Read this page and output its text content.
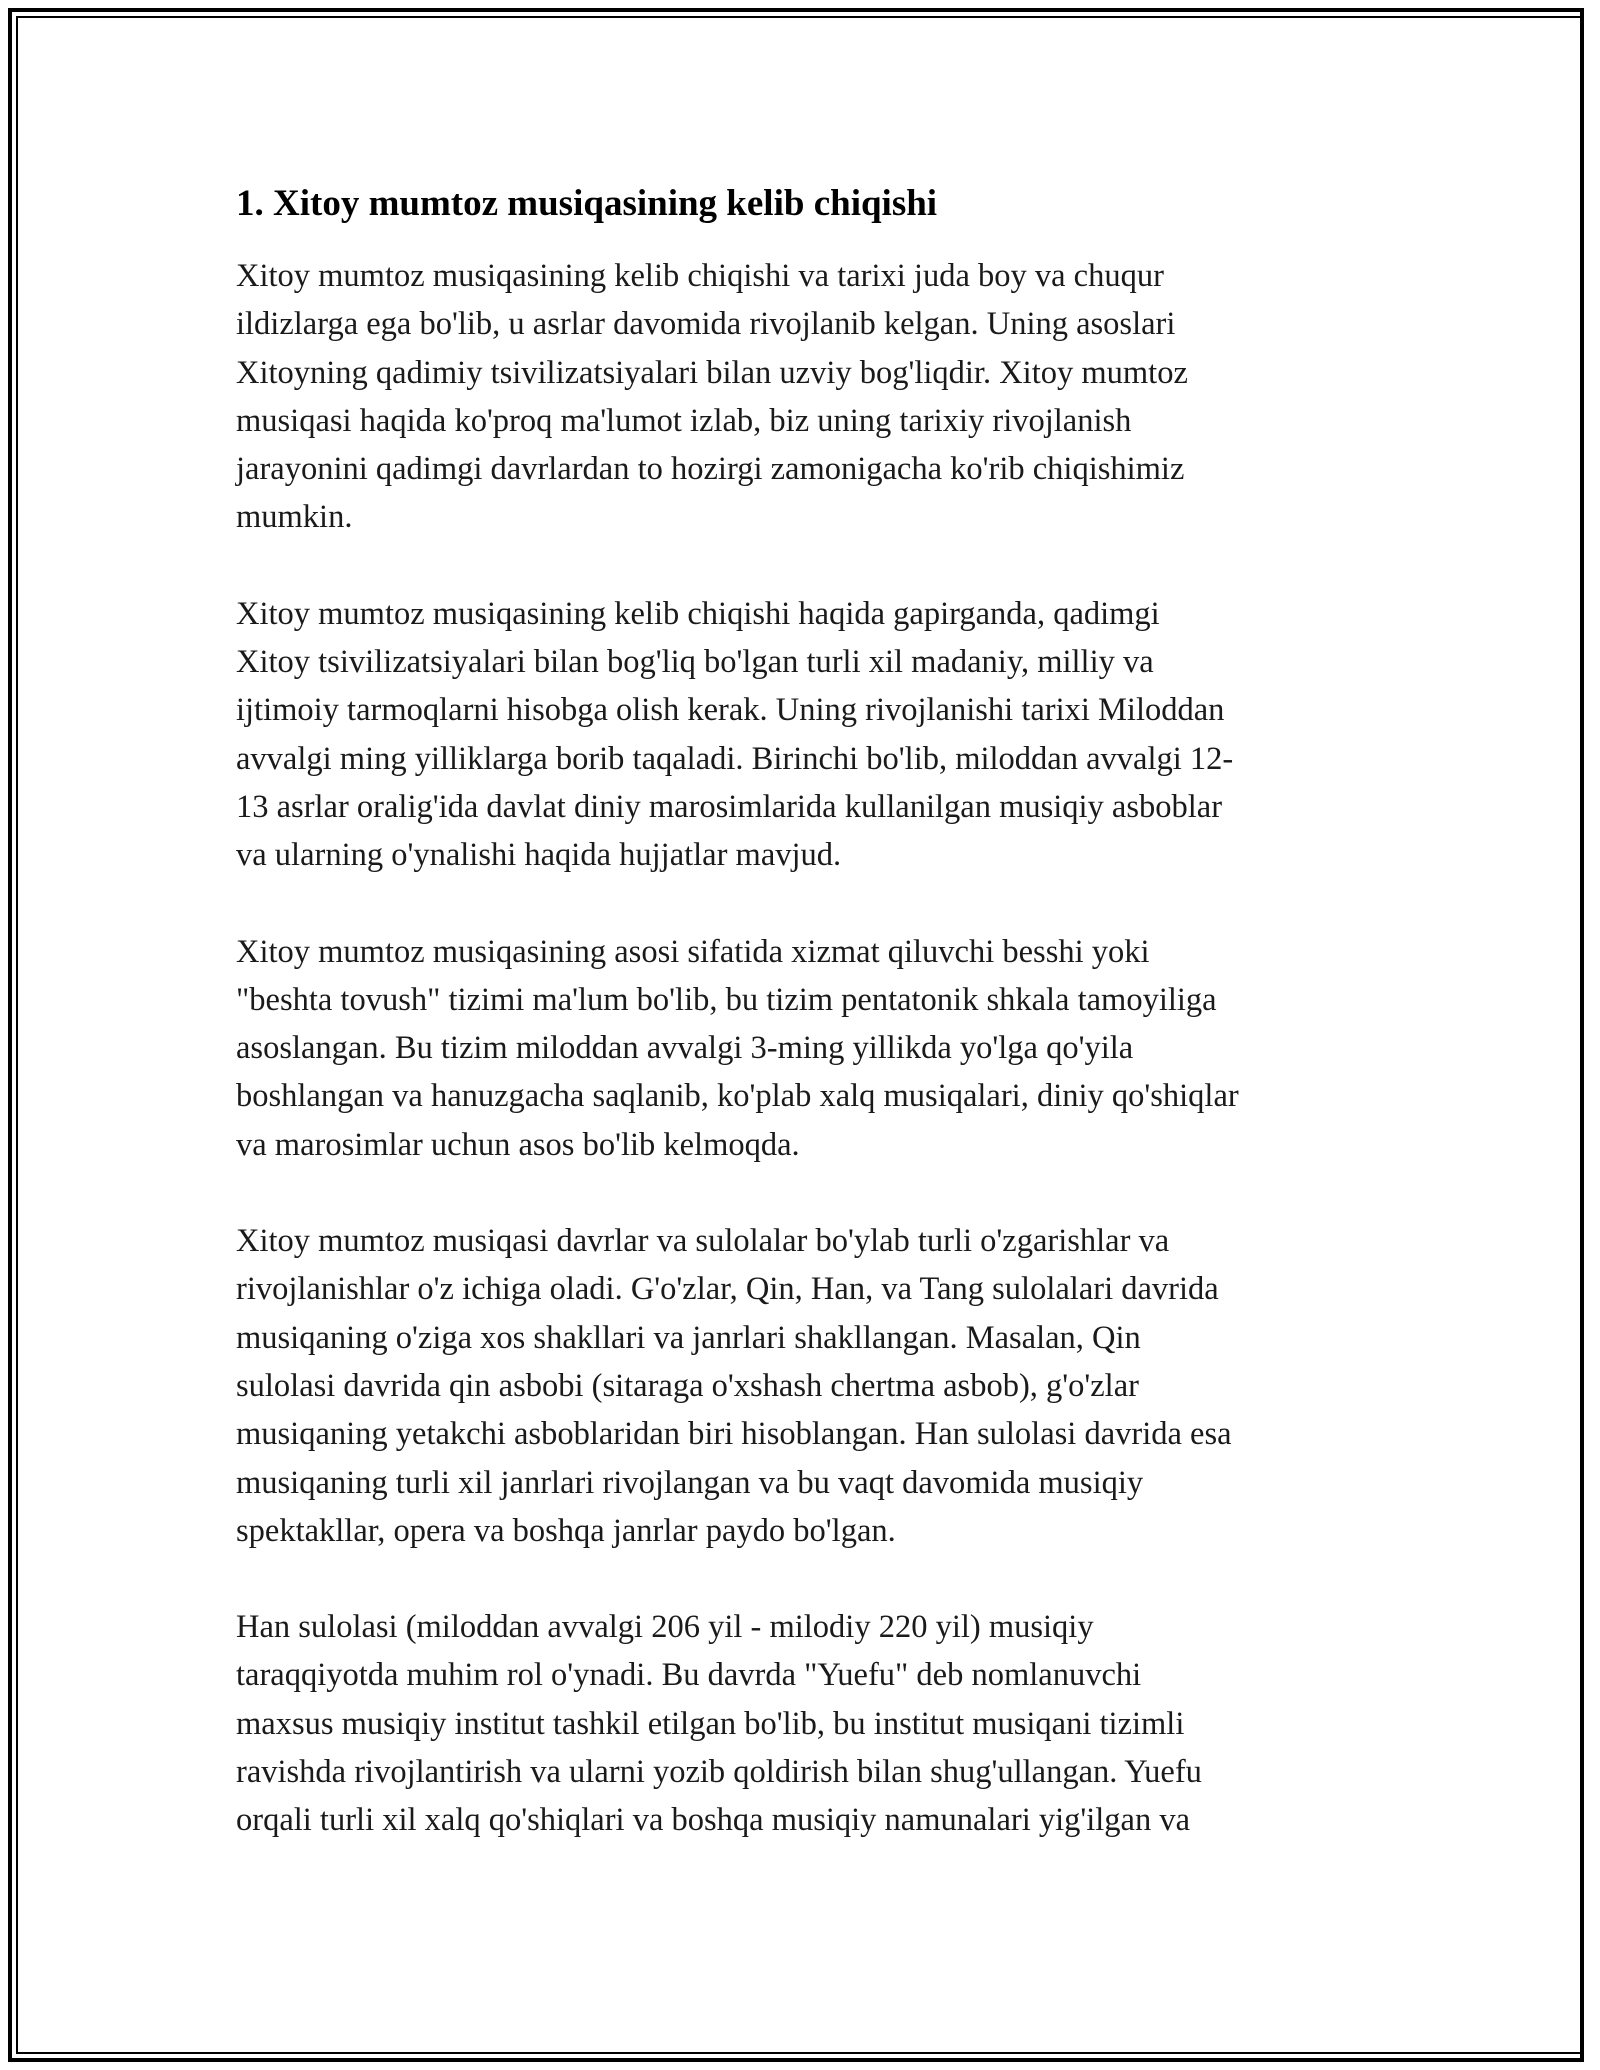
1. Xitoy mumtoz musiqasining kelib chiqishi

Xitoy mumtoz musiqasining kelib chiqishi va tarixi juda boy va chuqur
ildizlarga ega bo'lib, u asrlar davomida rivojlanib kelgan. Uning asoslari
Xitoyning qadimiy tsivilizatsiyalari bilan uzviy bog'liqdir. Xitoy mumtoz
musiqasi haqida ko'proq ma'lumot izlab, biz uning tarixiy rivojlanish
jarayonini qadimgi davrlardan to hozirgi zamonigacha ko'rib chiqishimiz
mumkin.

Xitoy mumtoz musiqasining kelib chiqishi haqida gapirganda, qadimgi
Xitoy tsivilizatsiyalari bilan bog'liq bo'lgan turli xil madaniy, milliy va
ijtimoiy tarmoqlarni hisobga olish kerak. Uning rivojlanishi tarixi Miloddan
avvalgi ming yilliklarga borib taqaladi. Birinchi bo'lib, miloddan avvalgi 12-
13 asrlar oralig'ida davlat diniy marosimlarida kullanilgan musiqiy asboblar
va ularning o'ynalishi haqida hujjatlar mavjud.

Xitoy mumtoz musiqasining asosi sifatida xizmat qiluvchi besshi yoki
"beshta tovush" tizimi ma'lum bo'lib, bu tizim pentatonik shkala tamoyiliga
asoslangan. Bu tizim miloddan avvalgi 3-ming yillikda yo'lga qo'yila
boshlangan va hanuzgacha saqlanib, ko'plab xalq musiqalari, diniy qo'shiqlar
va marosimlar uchun asos bo'lib kelmoqda.

Xitoy mumtoz musiqasi davrlar va sulolalar bo'ylab turli o'zgarishlar va
rivojlanishlar o'z ichiga oladi. G'o'zlar, Qin, Han, va Tang sulolalari davrida
musiqaning o'ziga xos shakllari va janrlari shakllangan. Masalan, Qin
sulolasi davrida qin asbobi (sitaraga o'xshash chertma asbob), g'o'zlar
musiqaning yetakchi asboblaridan biri hisoblangan. Han sulolasi davrida esa
musiqaning turli xil janrlari rivojlangan va bu vaqt davomida musiqiy
spektakllar, opera va boshqa janrlar paydo bo'lgan.

Han sulolasi (miloddan avvalgi 206 yil - milodiy 220 yil) musiqiy
taraqqiyotda muhim rol o'ynadi. Bu davrda "Yuefu" deb nomlanuvchi
maxsus musiqiy institut tashkil etilgan bo'lib, bu institut musiqani tizimli
ravishda rivojlantirish va ularni yozib qoldirish bilan shug'ullangan. Yuefu
orqali turli xil xalq qo'shiqlari va boshqa musiqiy namunalari yig'ilgan va
